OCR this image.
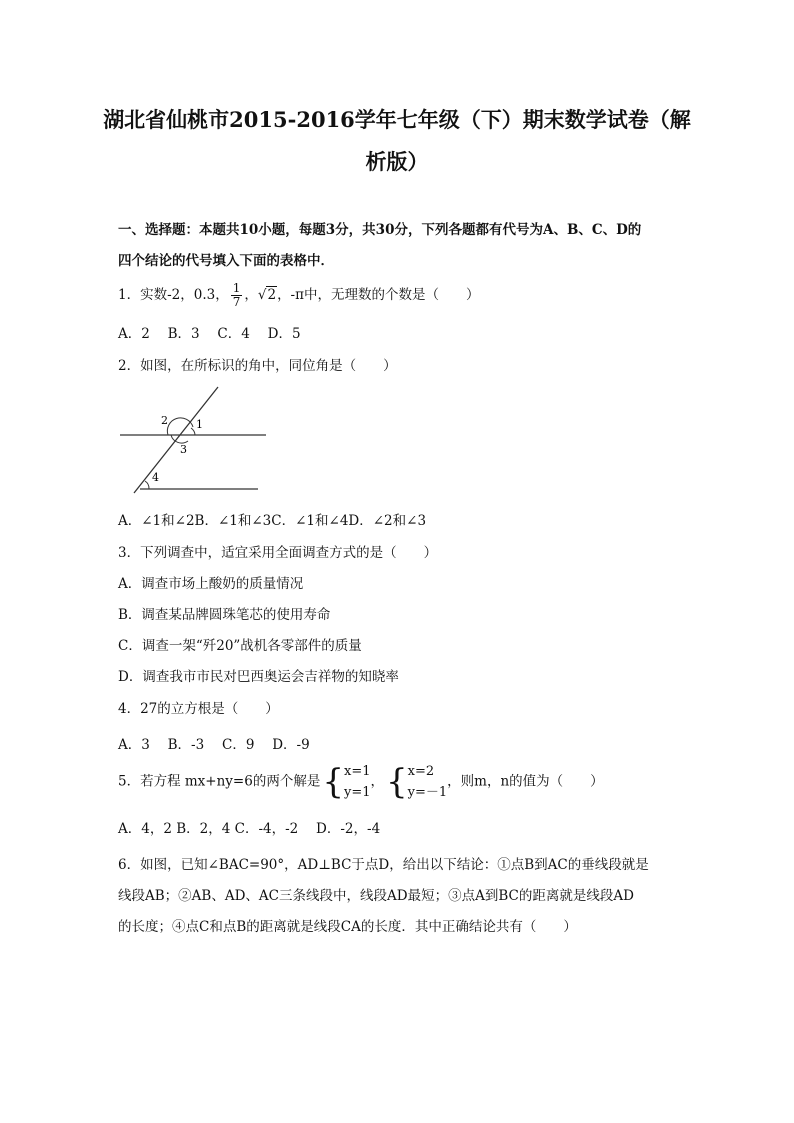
湖北省仙桃市2015-2016学年七年级（下）期末数学试卷（解
析版）
一、选择题：本题共10小题，每题3分，共30分，下列各题都有代号为A、B、C、D的
四个结论的代号填入下面的表格中．
1．实数-2，0.3， $\frac{1}{7}$ ，√2，-π中，无理数的个数是（　　）
A．2　 B．3　 C．4　 D．5
2．如图，在所标识的角中，同位角是（　　）
1
2
3
4
A．∠1和∠2B．∠1和∠3C．∠1和∠4D．∠2和∠3
3．下列调查中，适宜采用全面调查方式的是（　　）
A．调查市场上酸奶的质量情况
B．调查某品牌圆珠笔芯的使用寿命
C．调查一架“歼20”战机各零部件的质量
D．调查我市市民对巴西奥运会吉祥物的知晓率
4．27的立方根是（　　）
A．3　 B．-3　 C．9　 D．-9
5．若方程 mx+ny=6的两个解是{ x=1
y=1
，{ x=2
y=－1
，则m，n的值为（　　）
A．4，2 B．2，4 C．-4，-2　 D．-2，-4
6．如图，已知∠BAC=90°，AD⊥BC于点D，给出以下结论：①点B到AC的垂线段就是
线段AB；②AB、AD、AC三条线段中，线段AD最短；③点A到BC的距离就是线段AD
的长度；④点C和点B的距离就是线段CA的长度．其中正确结论共有（　　）
